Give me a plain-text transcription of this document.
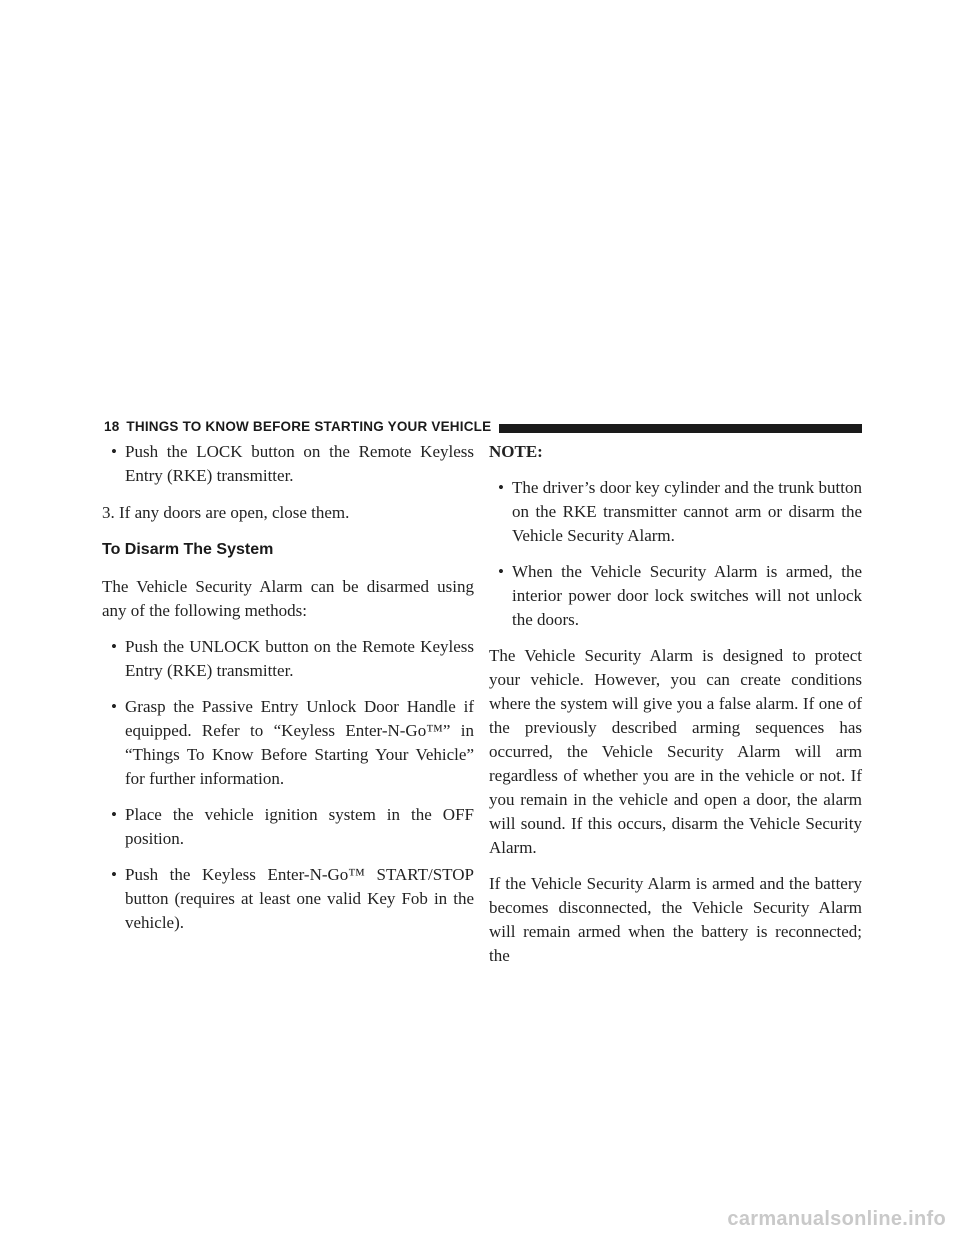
18 THINGS TO KNOW BEFORE STARTING YOUR VEHICLE
• Push the LOCK button on the Remote Keyless Entry (RKE) transmitter.
3. If any doors are open, close them.
To Disarm The System
The Vehicle Security Alarm can be disarmed using any of the following methods:
• Push the UNLOCK button on the Remote Keyless Entry (RKE) transmitter.
• Grasp the Passive Entry Unlock Door Handle if equipped. Refer to “Keyless Enter-N-Go™” in “Things To Know Before Starting Your Vehicle” for further information.
• Place the vehicle ignition system in the OFF position.
• Push the Keyless Enter-N-Go™ START/STOP button (requires at least one valid Key Fob in the vehicle).
NOTE:
• The driver’s door key cylinder and the trunk button on the RKE transmitter cannot arm or disarm the Vehicle Security Alarm.
• When the Vehicle Security Alarm is armed, the interior power door lock switches will not unlock the doors.
The Vehicle Security Alarm is designed to protect your vehicle. However, you can create conditions where the system will give you a false alarm. If one of the previously described arming sequences has occurred, the Vehicle Security Alarm will arm regardless of whether you are in the vehicle or not. If you remain in the vehicle and open a door, the alarm will sound. If this occurs, disarm the Vehicle Security Alarm.
If the Vehicle Security Alarm is armed and the battery becomes disconnected, the Vehicle Security Alarm will remain armed when the battery is reconnected; the
carmanualsonline.info
